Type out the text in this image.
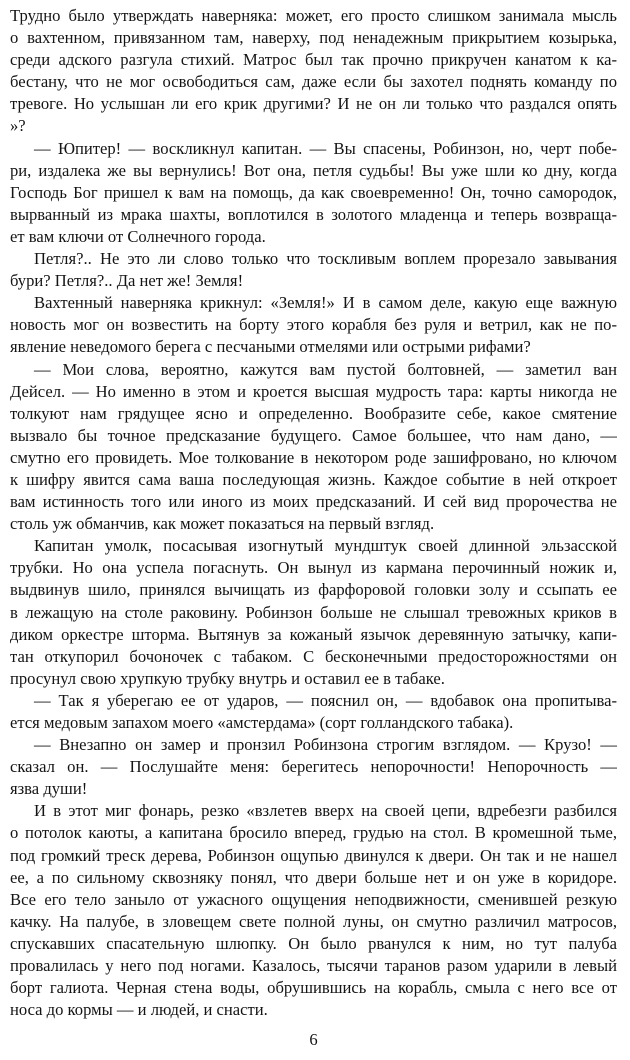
Трудно было утверждать наверняка: может, его просто слишком занимала мысль
о вахтенном, привязанном там, наверху, под ненадежным прикрытием козырька,
среди адского разгула стихий. Матрос был так прочно прикручен канатом к ка-
бестану, что не мог освободиться сам, даже если бы захотел поднять команду по
тревоге. Но услышан ли его крик другими? И не он ли только что раздался опять
»?
— Юпитер! — воскликнул капитан. — Вы спасены, Робинзон, но, черт побе-
ри, издалека же вы вернулись! Вот она, петля судьбы! Вы уже шли ко дну, когда
Господь Бог пришел к вам на помощь, да как своевременно! Он, точно самородок,
вырванный из мрака шахты, воплотился в золотого младенца и теперь возвраща-
ет вам ключи от Солнечного города.
Петля?.. Не это ли слово только что тоскливым воплем прорезало завывания
бури? Петля?.. Да нет же! Земля!
Вахтенный наверняка крикнул: «Земля!» И в самом деле, какую еще важную
новость мог он возвестить на борту этого корабля без руля и ветрил, как не по-
явление неведомого берега с песчаными отмелями или острыми рифами?
— Мои слова, вероятно, кажутся вам пустой болтовней, — заметил ван
Дейсел. — Но именно в этом и кроется высшая мудрость тара: карты никогда не
толкуют нам грядущее ясно и определенно. Вообразите себе, какое смятение
вызвало бы точное предсказание будущего. Самое большее, что нам дано, —
смутно его провидеть. Мое толкование в некотором роде зашифровано, но ключом
к шифру явится сама ваша последующая жизнь. Каждое событие в ней откроет
вам истинность того или иного из моих предсказаний. И сей вид пророчества не
столь уж обманчив, как может показаться на первый взгляд.
Капитан умолк, посасывая изогнутый мундштук своей длинной эльзасской
трубки. Но она успела погаснуть. Он вынул из кармана перочинный ножик и,
выдвинув шило, принялся вычищать из фарфоровой головки золу и ссыпать ее
в лежащую на столе раковину. Робинзон больше не слышал тревожных криков в
диком оркестре шторма. Вытянув за кожаный язычок деревянную затычку, капи-
тан откупорил бочоночек с табаком. С бесконечными предосторожностями он
просунул свою хрупкую трубку внутрь и оставил ее в табаке.
— Так я уберегаю ее от ударов, — пояснил он, — вдобавок она пропитыва-
ется медовым запахом моего «амстердама» (сорт голландского табака).
— Внезапно он замер и пронзил Робинзона строгим взглядом. — Крузо! —
сказал он. — Послушайте меня: берегитесь непорочности! Непорочность —
язва души!
И в этот миг фонарь, резко «взлетев вверх на своей цепи, вдребезги разбился
о потолок каюты, а капитана бросило вперед, грудью на стол. В кромешной тьме,
под громкий треск дерева, Робинзон ощупью двинулся к двери. Он так и не нашел
ее, а по сильному сквозняку понял, что двери больше нет и он уже в коридоре.
Все его тело заныло от ужасного ощущения неподвижности, сменившей резкую
качку. На палубе, в зловещем свете полной луны, он смутно различил матросов,
спускавших спасательную шлюпку. Он было рванулся к ним, но тут палуба
провалилась у него под ногами. Казалось, тысячи таранов разом ударили в левый
борт галиота. Черная стена воды, обрушившись на корабль, смыла с него все от
носа до кормы — и людей, и снасти.
6
